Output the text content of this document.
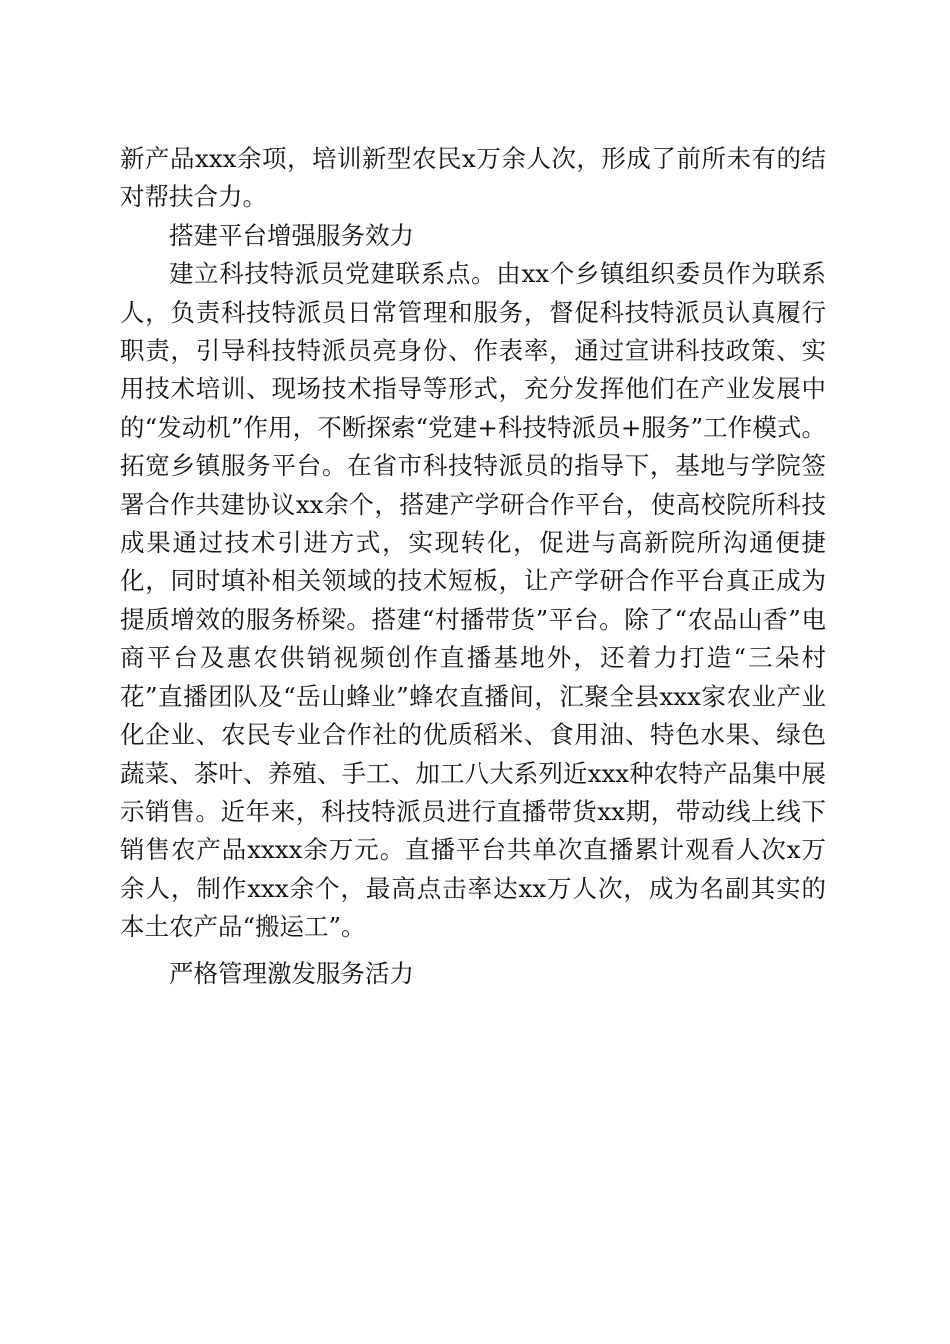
新产品xxx余项，培训新型农民x万余人次，形成了前所未有的结对帮扶合力。

搭建平台增强服务效力

建立科技特派员党建联系点。由xx个乡镇组织委员作为联系人，负责科技特派员日常管理和服务，督促科技特派员认真履行职责，引导科技特派员亮身份、作表率，通过宣讲科技政策、实用技术培训、现场技术指导等形式，充分发挥他们在产业发展中的“发动机”作用，不断探索“党建+科技特派员+服务”工作模式。拓宽乡镇服务平台。在省市科技特派员的指导下，基地与学院签署合作共建协议xx余个，搭建产学研合作平台，使高校院所科技成果通过技术引进方式，实现转化，促进与高新院所沟通便捷化，同时填补相关领域的技术短板，让产学研合作平台真正成为提质增效的服务桥梁。搭建“村播带货”平台。除了“农品山香”电商平台及惠农供销视频创作直播基地外，还着力打造“三朵村花”直播团队及“岳山蜂业”蜂农直播间，汇聚全县xxx家农业产业化企业、农民专业合作社的优质稻米、食用油、特色水果、绿色蔬菜、茶叶、养殖、手工、加工八大系列近xxx种农特产品集中展示销售。近年来，科技特派员进行直播带货xx期，带动线上线下销售农产品xxxx余万元。直播平台共单次直播累计观看人次x万余人，制作xxx余个，最高点击率达xx万人次，成为名副其实的本土农产品“搬运工”。

严格管理激发服务活力
